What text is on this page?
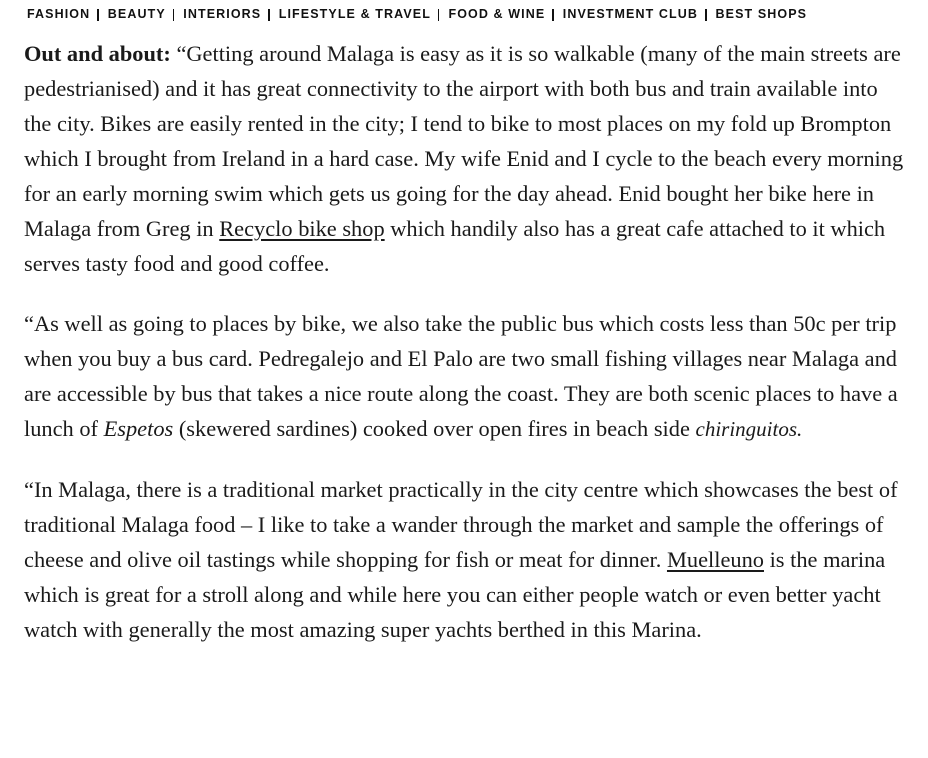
FASHION BEAUTY INTERIORS LIFESTYLE & TRAVEL FOOD & WINE INVESTMENT CLUB BEST SHOPS

Out and about: “Getting around Malaga is easy as it is so walkable (many of the main streets are pedestrianised) and it has great connectivity to the airport with both bus and train available into the city. Bikes are easily rented in the city; I tend to bike to most places on my fold up Brompton which I brought from Ireland in a hard case. My wife Enid and I cycle to the beach every morning for an early morning swim which gets us going for the day ahead. Enid bought her bike here in Malaga from Greg in Recyclo bike shop which handily also has a great cafe attached to it which serves tasty food and good coffee.

“As well as going to places by bike, we also take the public bus which costs less than 50c per trip when you buy a bus card. Pedregalejo and El Palo are two small fishing villages near Malaga and are accessible by bus that takes a nice route along the coast. They are both scenic places to have a lunch of Espetos (skewered sardines) cooked over open fires in beach side chiringuitos.

“In Malaga, there is a traditional market practically in the city centre which showcases the best of traditional Malaga food – I like to take a wander through the market and sample the offerings of cheese and olive oil tastings while shopping for fish or meat for dinner. Muelleuno is the marina which is great for a stroll along and while here you can either people watch or even better yacht watch with generally the most amazing super yachts berthed in this Marina.
